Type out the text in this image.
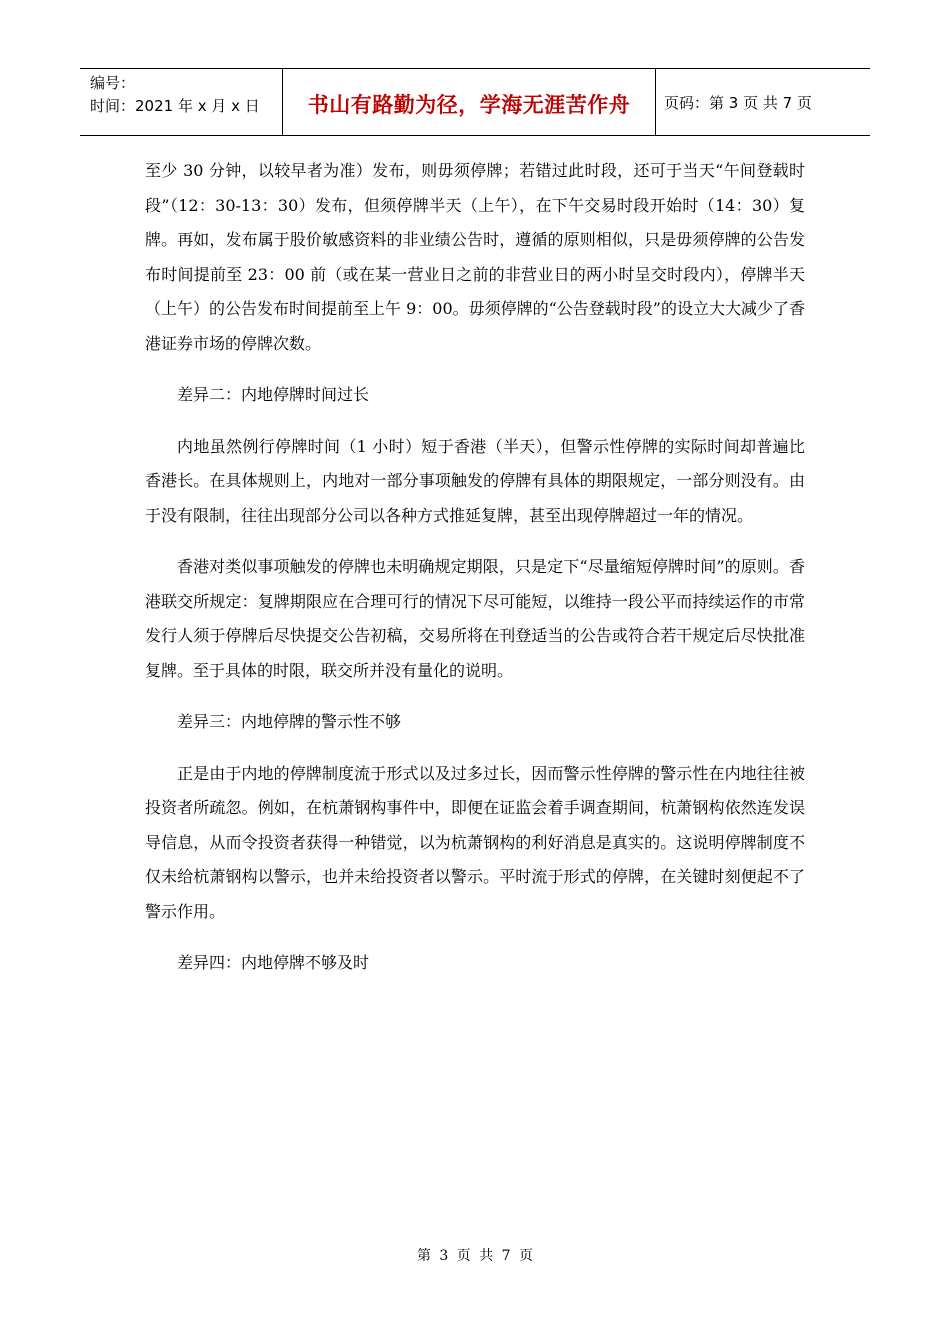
编号：
时间：2021 年 x 月 x 日	书山有路勤为径，学海无涯苦作舟 页码：第 3 页 共 7 页

至少 30 分钟，以较早者为准）发布，则毋须停牌；若错过此时段，还可于当天“午间登载时段”（12：30-13：30）发布，但须停牌半天（上午），在下午交易时段开始时（14：30）复牌。再如，发布属于股价敏感资料的非业绩公告时，遵循的原则相似，只是毋须停牌的公告发布时间提前至 23：00 前（或在某一营业日之前的非营业日的两小时呈交时段内），停牌半天（上午）的公告发布时间提前至上午 9：00。毋须停牌的“公告登载时段”的设立大大减少了香港证券市场的停牌次数。

差异二：内地停牌时间过长

内地虽然例行停牌时间（1 小时）短于香港（半天），但警示性停牌的实际时间却普遍比香港长。在具体规则上，内地对一部分事项触发的停牌有具体的期限规定，一部分则没有。由于没有限制，往往出现部分公司以各种方式推延复牌，甚至出现停牌超过一年的情况。

香港对类似事项触发的停牌也未明确规定期限，只是定下“尽量缩短停牌时间”的原则。香港联交所规定：复牌期限应在合理可行的情况下尽可能短，以维持一段公平而持续运作的市常发行人须于停牌后尽快提交公告初稿，交易所将在刊登适当的公告或符合若干规定后尽快批准复牌。至于具体的时限，联交所并没有量化的说明。

差异三：内地停牌的警示性不够

正是由于内地的停牌制度流于形式以及过多过长，因而警示性停牌的警示性在内地往往被投资者所疏忽。例如，在杭萧钢构事件中，即便在证监会着手调查期间，杭萧钢构依然连发误导信息，从而令投资者获得一种错觉，以为杭萧钢构的利好消息是真实的。这说明停牌制度不仅未给杭萧钢构以警示，也并未给投资者以警示。平时流于形式的停牌，在关键时刻便起不了警示作用。

差异四：内地停牌不够及时

第 3 页 共 7 页
